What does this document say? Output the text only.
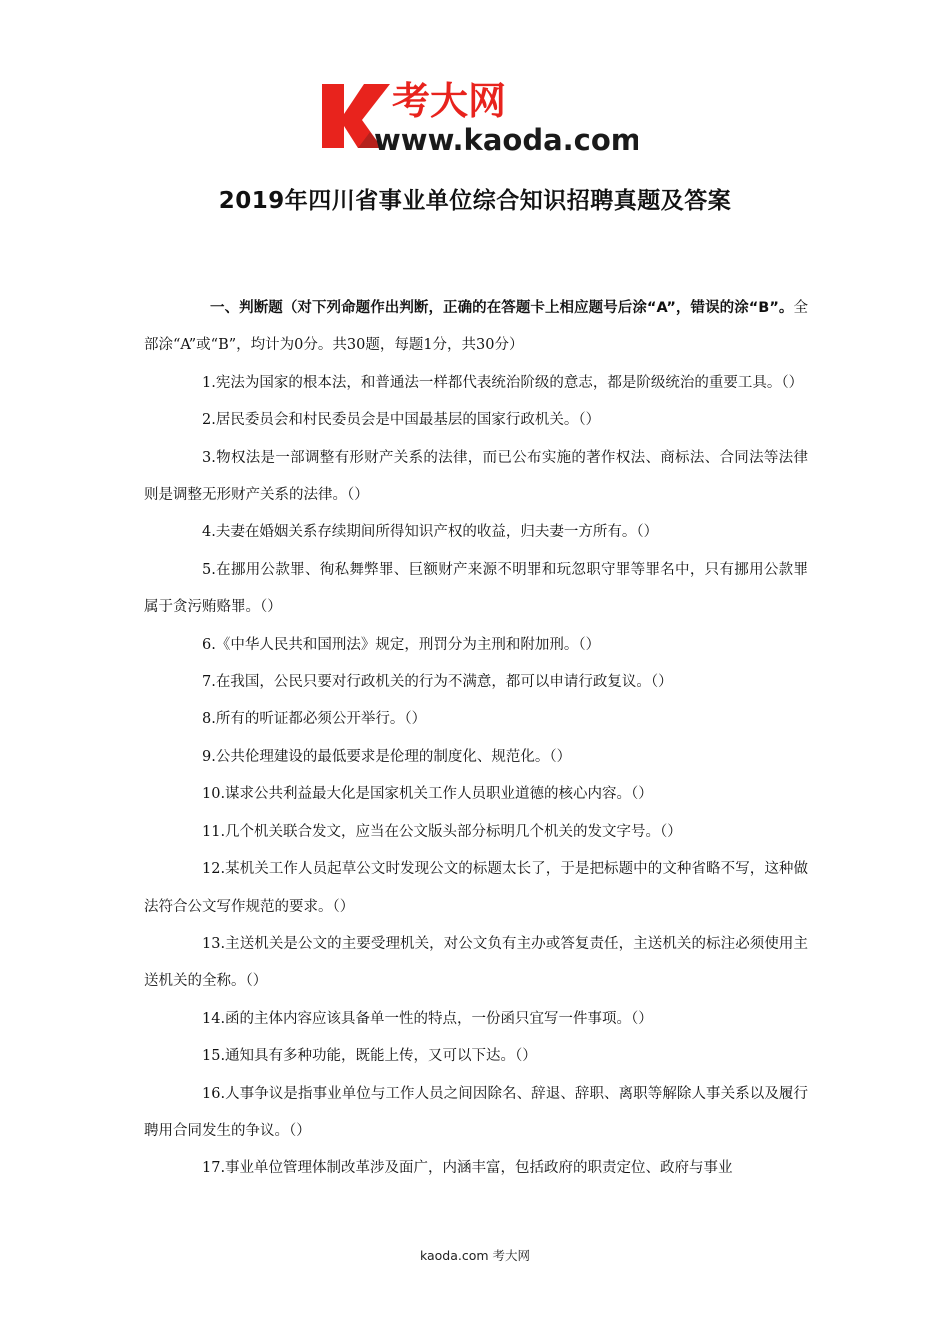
考大网
www.kaoda.com
2019年四川省事业单位综合知识招聘真题及答案

一、判断题（对下列命题作出判断，正确的在答题卡上相应题号后涂“A”，错误的涂“B”。全部涂“A”或“B”，均计为0分。共30题，每题1分，共30分）

1.宪法为国家的根本法，和普通法一样都代表统治阶级的意志，都是阶级统治的重要工具。（）

2.居民委员会和村民委员会是中国最基层的国家行政机关。（）

3.物权法是一部调整有形财产关系的法律，而已公布实施的著作权法、商标法、合同法等法律则是调整无形财产关系的法律。（）

4.夫妻在婚姻关系存续期间所得知识产权的收益，归夫妻一方所有。（）

5.在挪用公款罪、徇私舞弊罪、巨额财产来源不明罪和玩忽职守罪等罪名中，只有挪用公款罪属于贪污贿赂罪。（）

6.《中华人民共和国刑法》规定，刑罚分为主刑和附加刑。（）

7.在我国，公民只要对行政机关的行为不满意，都可以申请行政复议。（）

8.所有的听证都必须公开举行。（）

9.公共伦理建设的最低要求是伦理的制度化、规范化。（）

10.谋求公共利益最大化是国家机关工作人员职业道德的核心内容。（）

11.几个机关联合发文，应当在公文版头部分标明几个机关的发文字号。（）

12.某机关工作人员起草公文时发现公文的标题太长了，于是把标题中的文种省略不写，这种做法符合公文写作规范的要求。（）

13.主送机关是公文的主要受理机关，对公文负有主办或答复责任，主送机关的标注必须使用主送机关的全称。（）

14.函的主体内容应该具备单一性的特点，一份函只宜写一件事项。（）

15.通知具有多种功能，既能上传，又可以下达。（）

16.人事争议是指事业单位与工作人员之间因除名、辞退、辞职、离职等解除人事关系以及履行聘用合同发生的争议。（）

17.事业单位管理体制改革涉及面广，内涵丰富，包括政府的职责定位、政府与事业

kaoda.com 考大网
